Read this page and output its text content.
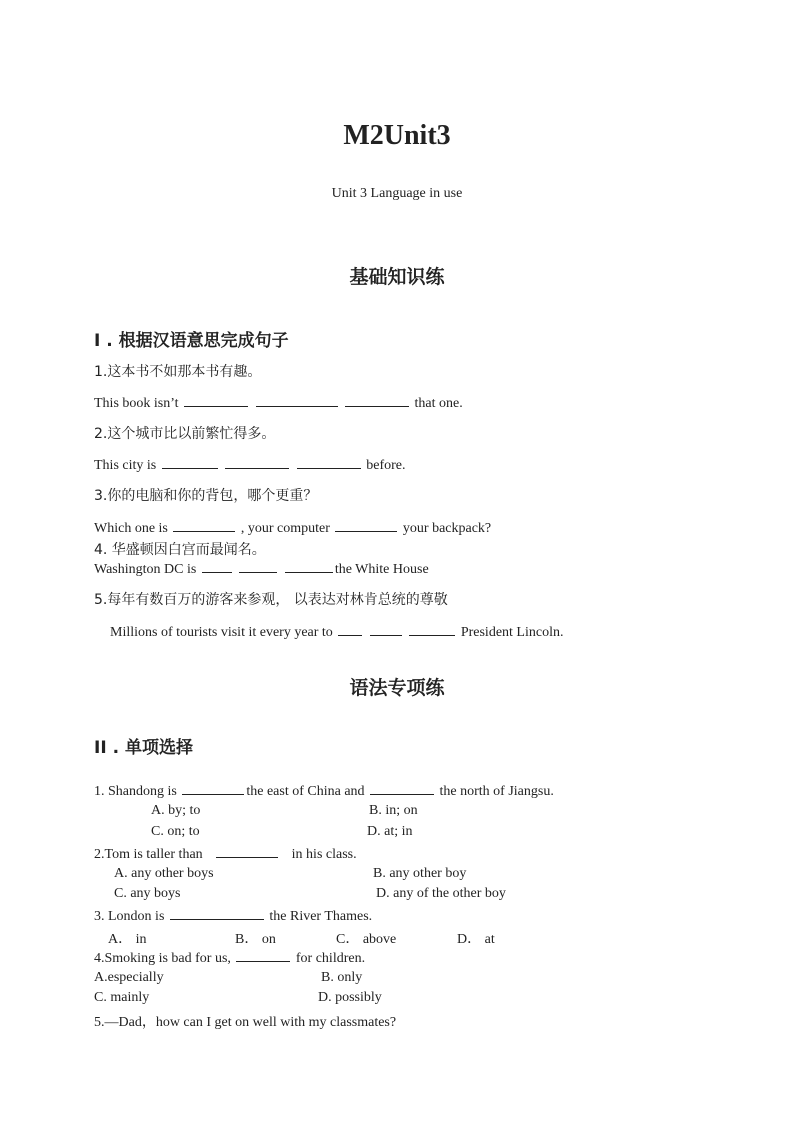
M2Unit3
Unit 3 Language in use
基础知识练
I . 根据汉语意思完成句子
1.这本书不如那本书有趣。
This book isn’t	that one.
2.这个城市比以前繁忙得多。
This city is	before.
3.你的电脑和你的背包，哪个更重？
Which one is	, your computer	your backpack?
4. 华盛顿因白宫而最闻名。
Washington DC is	the White House
5.每年有数百万的游客来参观， 以表达对林肯总统的尊敬
Millions of tourists visit it every year to	President Lincoln.
语法专项练
II . 单项选择
1. Shandong is	the east of China and	the north of Jiangsu.
A. by; to	B. in; on
C. on; to	D. at; in
2.Tom is taller than	in his class.
A. any other boys	B. any other boy
C. any boys	D. any of the other boy
3. London is	the River Thames.
A． in	B． on	C． above	D． at
4.Smoking is bad for us,	for children.
A.especially	B. only
C. mainly	D. possibly
5.—Dad，how can I get on well with my classmates?
